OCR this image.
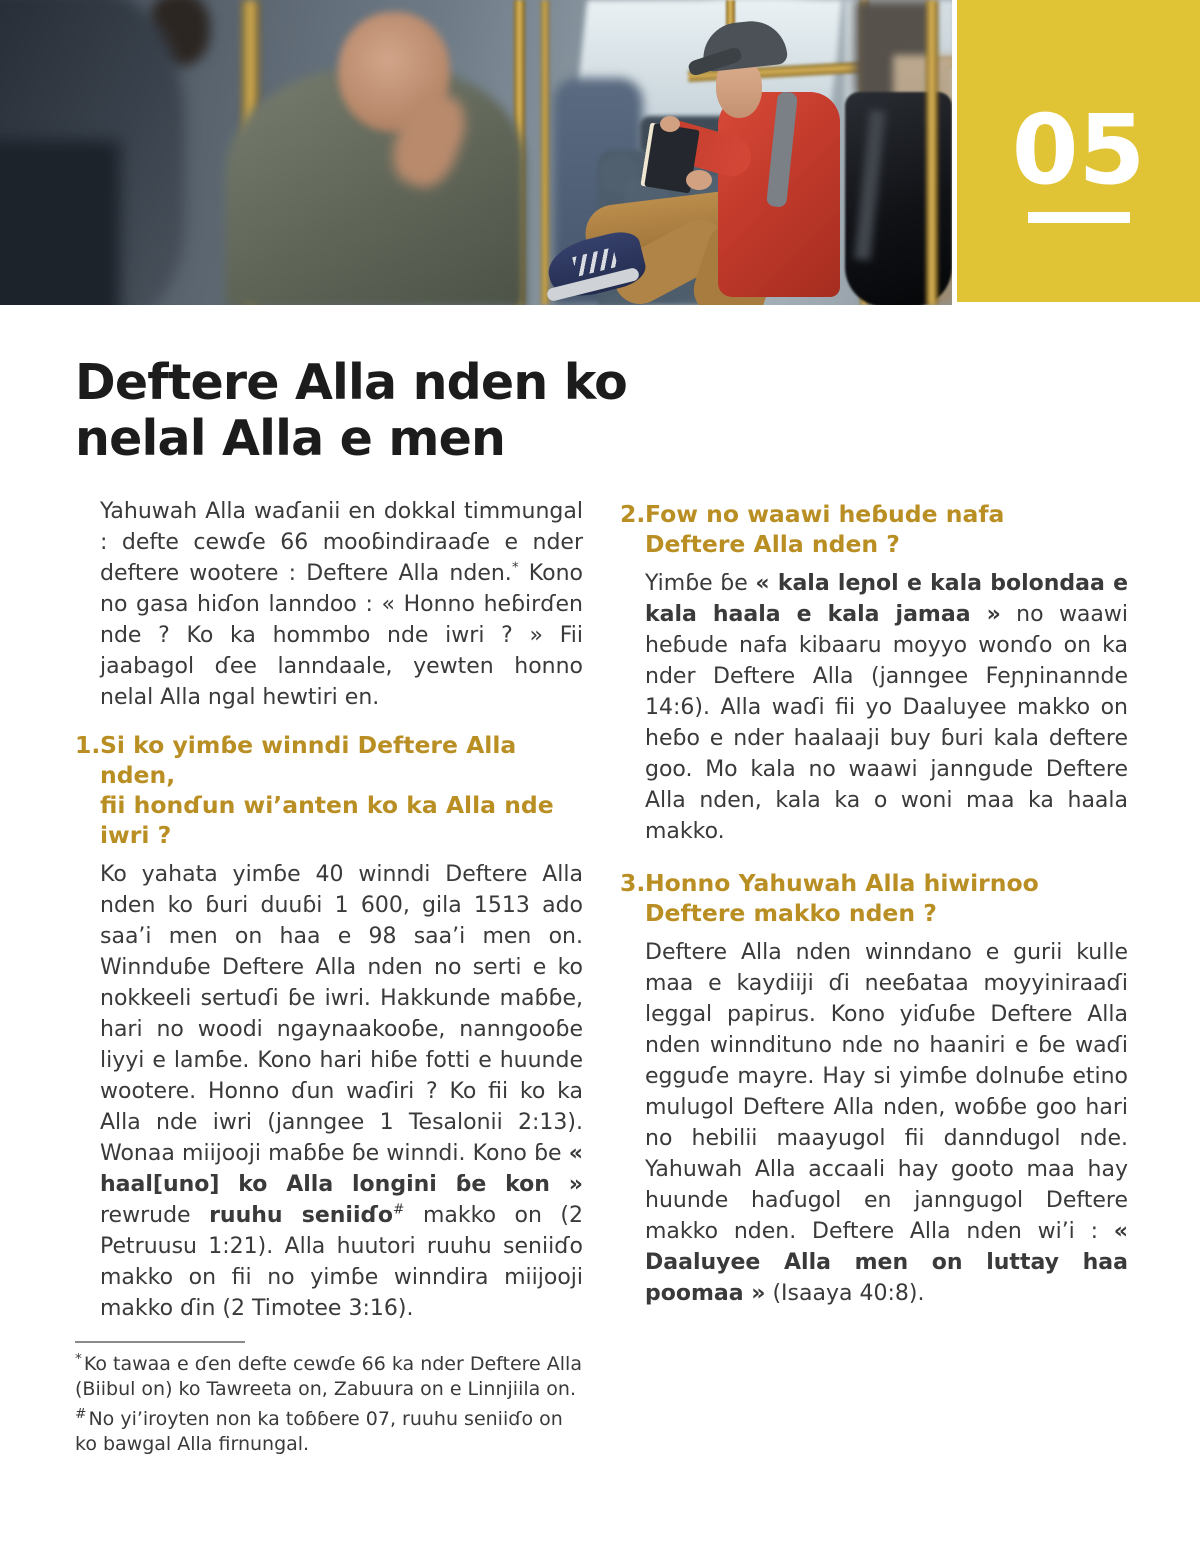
05
Deftere Alla nden ko
nelal Alla e men

Yahuwah Alla waɗanii en dokkal timmungal : defte cewɗe 66 mooɓindiraaɗe e nder deftere wootere : Deftere Alla nden.* Kono no gasa hiɗon lanndoo : « Honno heɓirɗen nde ? Ko ka hommbo nde iwri ? » Fii jaabagol ɗee lanndaale, yewten honno nelal Alla ngal hewtiri en.

1. Si ko yimɓe winndi Deftere Alla nden,
fii honɗun wi’anten ko ka Alla nde iwri ?

Ko yahata yimɓe 40 winndi Deftere Alla nden ko ɓuri duuɓi 1 600, gila 1513 ado saa’i men on haa e 98 saa’i men on. Winnduɓe Deftere Alla nden no serti e ko nokkeeli sertuɗi ɓe iwri. Hakkunde maɓɓe, hari no woodi ngaynaakooɓe, nanngooɓe liyyi e lamɓe. Kono hari hiɓe fotti e huunde wootere. Honno ɗun waɗiri ? Ko fii ko ka Alla nde iwri (janngee 1 Tesalonii 2:13). Wonaa miijooji maɓɓe ɓe winndi. Kono ɓe « haal[uno] ko Alla longini ɓe kon » rewrude ruuhu seniiɗo# makko on (2 Petruusu 1:21). Alla huutori ruuhu seniiɗo makko on fii no yimɓe winndira miijooji makko ɗin (2 Timotee 3:16).

* Ko tawaa e ɗen defte cewɗe 66 ka nder Deftere Alla (Biibul on) ko Tawreeta on, Zabuura on e Linnjiila on.

# No yi’iroyten non ka toɓɓere 07, ruuhu seniiɗo on ko bawgal Alla firnungal.

2. Fow no waawi heɓude nafa
Deftere Alla nden ?

Yimɓe ɓe « kala leɲol e kala bolondaa e kala haala e kala jamaa » no waawi heɓude nafa kibaaru moyyo wonɗo on ka nder Deftere Alla (janngee Feɲɲinannde 14:6). Alla waɗi fii yo Daaluyee makko on heɓo e nder haalaaji buy ɓuri kala deftere goo. Mo kala no waawi janngude Deftere Alla nden, kala ka o woni maa ka haala makko.

3. Honno Yahuwah Alla hiwirnoo
Deftere makko nden ?

Deftere Alla nden winndano e gurii kulle maa e kaydiiji ɗi neeɓataa moyyiniraaɗi leggal papirus. Kono yiɗuɓe Deftere Alla nden winndituno nde no haaniri e ɓe waɗi egguɗe mayre. Hay si yimɓe dolnuɓe etino mulugol Deftere Alla nden, woɓɓe goo hari no hebilii maayugol fii danndugol nde. Yahuwah Alla accaali hay gooto maa hay huunde haɗugol en janngugol Deftere makko nden. Deftere Alla nden wi’i : « Daaluyee Alla men on luttay haa poomaa » (Isaaya 40:8).
